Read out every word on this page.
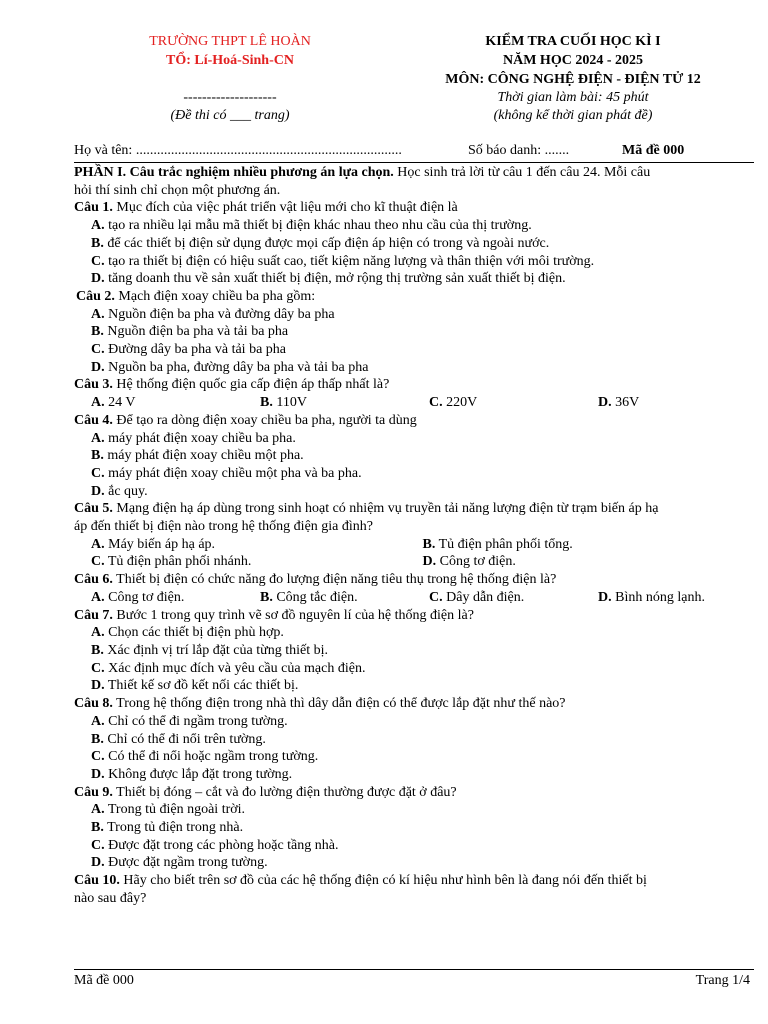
TRƯỜNG THPT LÊ HOÀN
TỔ: Lí-Hoá-Sinh-CN
--------------------
(Đề thi có ___ trang)
KIỂM TRA CUỐI HỌC KÌ I
NĂM HỌC 2024 - 2025
MÔN: CÔNG NGHỆ ĐIỆN - ĐIỆN TỬ 12
Thời gian làm bài: 45 phút
(không kể thời gian phát đề)
Họ và tên: ............................................................................	Số báo danh: .......	Mã đề 000

PHẦN I. Câu trắc nghiệm nhiều phương án lựa chọn. Học sinh trả lời từ câu 1 đến câu 24. Mỗi câu

hỏi thí sinh chỉ chọn một phương án.

Câu 1. Mục đích của việc phát triển vật liệu mới cho kĩ thuật điện là

A. tạo ra nhiều lại mẫu mã thiết bị điện khác nhau theo nhu cầu của thị trường.

B. để các thiết bị điện sử dụng được mọi cấp điện áp hiện có trong và ngoài nước.

C. tạo ra thiết bị điện có hiệu suất cao, tiết kiệm năng lượng và thân thiện với môi trường.

D. tăng doanh thu về sản xuất thiết bị điện, mở rộng thị trường sản xuất thiết bị điện.

Câu 2. Mạch điện xoay chiều ba pha gồm:

A. Nguồn điện ba pha và đường dây ba pha

B. Nguồn điện ba pha và tải ba pha

C. Đường dây ba pha và tải ba pha

D. Nguồn ba pha, đường dây ba pha và tải ba pha

Câu 3. Hệ thống điện quốc gia cấp điện áp thấp nhất là?

A. 24 V	B. 110V	C. 220V	D. 36V

Câu 4. Để tạo ra dòng điện xoay chiều ba pha, người ta dùng

A. máy phát điện xoay chiều ba pha.

B. máy phát điện xoay chiều một pha.

C. máy phát điện xoay chiều một pha và ba pha.

D. ắc quy.

Câu 5. Mạng điện hạ áp dùng trong sinh hoạt có nhiệm vụ truyền tải năng lượng điện từ trạm biến áp hạ

áp đến thiết bị điện nào trong hệ thống điện gia đình?

A. Máy biến áp hạ áp.	B. Tủ điện phân phối tổng.
C. Tủ điện phân phối nhánh.	D. Công tơ điện.

Câu 6. Thiết bị điện có chức năng đo lượng điện năng tiêu thụ trong hệ thống điện là?

A. Công tơ điện.	B. Công tắc điện.	C. Dây dẫn điện.	D. Bình nóng lạnh.

Câu 7. Bước 1 trong quy trình vẽ sơ đồ nguyên lí của hệ thống điện là?

A. Chọn các thiết bị điện phù hợp.

B. Xác định vị trí lắp đặt của từng thiết bị.

C. Xác định mục đích và yêu cầu của mạch điện.

D. Thiết kế sơ đồ kết nối các thiết bị.

Câu 8. Trong hệ thống điện trong nhà thì dây dẫn điện có thể được lắp đặt như thế nào?

A. Chỉ có thể đi ngầm trong tường.

B. Chỉ có thể đi nổi trên tường.

C. Có thể đi nổi hoặc ngầm trong tường.

D. Không được lắp đặt trong tường.

Câu 9. Thiết bị đóng – cắt và đo lường điện thường được đặt ở đâu?

A. Trong tủ điện ngoài trời.

B. Trong tủ điện trong nhà.

C. Được đặt trong các phòng hoặc tầng nhà.

D. Được đặt ngầm trong tường.

Câu 10. Hãy cho biết trên sơ đồ của các hệ thống điện có kí hiệu như hình bên là đang nói đến thiết bị

nào sau đây?

Mã đề 000	Trang 1/4
